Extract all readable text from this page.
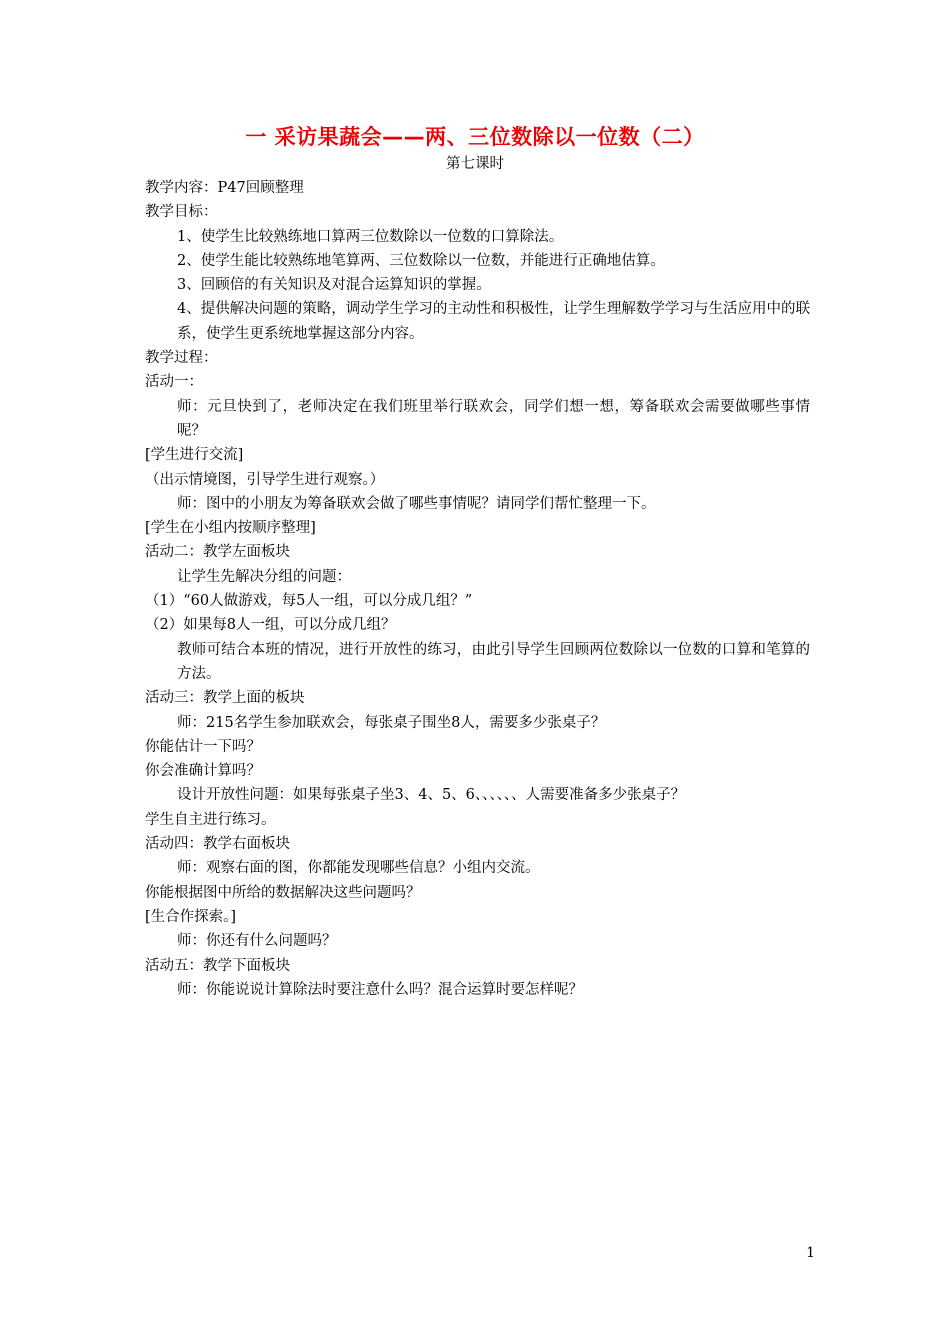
一 采访果蔬会——两、三位数除以一位数（二）
第七课时

教学内容：P47回顾整理

教学目标：

1、使学生比较熟练地口算两三位数除以一位数的口算除法。

2、使学生能比较熟练地笔算两、三位数除以一位数，并能进行正确地估算。

3、回顾倍的有关知识及对混合运算知识的掌握。

4、提供解决问题的策略，调动学生学习的主动性和积极性，让学生理解数学学习与生活应用中的联系，使学生更系统地掌握这部分内容。

教学过程：

活动一：

师：元旦快到了，老师决定在我们班里举行联欢会，同学们想一想，筹备联欢会需要做哪些事情呢？

[学生进行交流]

（出示情境图，引导学生进行观察。）

师：图中的小朋友为筹备联欢会做了哪些事情呢？请同学们帮忙整理一下。

[学生在小组内按顺序整理]

活动二：教学左面板块

让学生先解决分组的问题：

（1）“60人做游戏，每5人一组，可以分成几组？”

（2）如果每8人一组，可以分成几组？

教师可结合本班的情况，进行开放性的练习，由此引导学生回顾两位数除以一位数的口算和笔算的方法。

活动三：教学上面的板块

师：215名学生参加联欢会，每张桌子围坐8人，需要多少张桌子？

你能估计一下吗？

你会准确计算吗？

设计开放性问题：如果每张桌子坐3、4、5、6、、、、、、人需要准备多少张桌子？

学生自主进行练习。

活动四：教学右面板块

师：观察右面的图，你都能发现哪些信息？小组内交流。

你能根据图中所给的数据解决这些问题吗？

[生合作探索。]

师：你还有什么问题吗？

活动五：教学下面板块

师：你能说说计算除法时要注意什么吗？混合运算时要怎样呢？

1
